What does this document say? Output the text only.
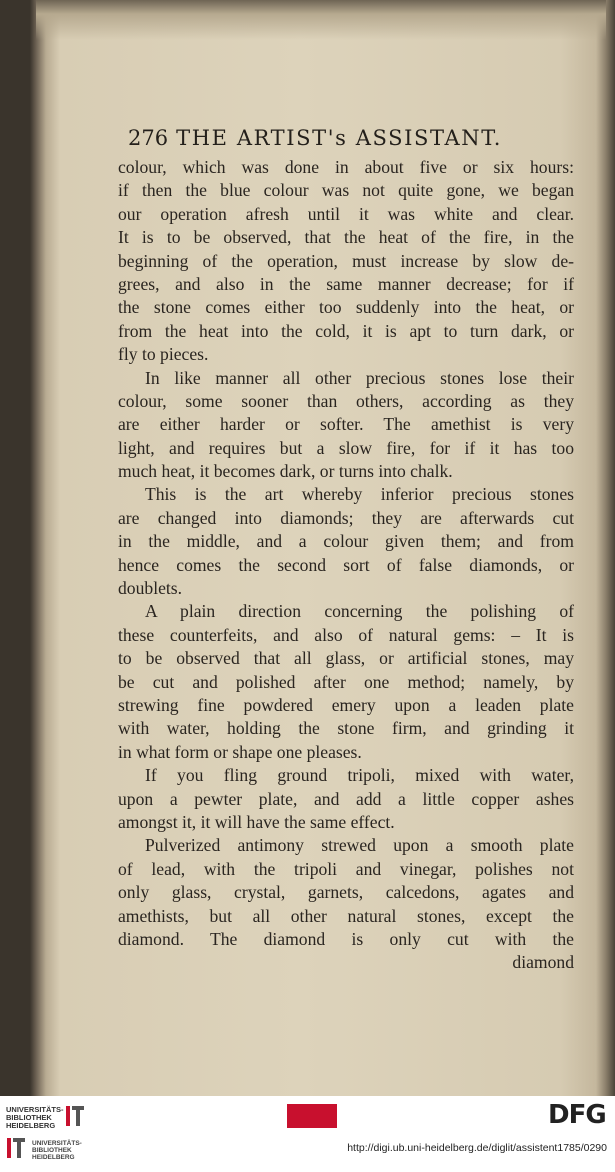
276 THE ARTIST's ASSISTANT.
colour, which was done in about five or six hours:
if then the blue colour was not quite gone, we began
our operation afresh until it was white and clear.
It is to be observed, that the heat of the fire, in the
beginning of the operation, must increase by slow de-
grees, and also in the same manner decrease; for if
the stone comes either too suddenly into the heat, or
from the heat into the cold, it is apt to turn dark, or
fly to pieces.
In like manner all other precious stones lose their
colour, some sooner than others, according as they
are either harder or softer. The amethist is very
light, and requires but a slow fire, for if it has too
much heat, it becomes dark, or turns into chalk.
This is the art whereby inferior precious stones
are changed into diamonds; they are afterwards cut
in the middle, and a colour given them; and from
hence comes the second sort of false diamonds, or
doublets.
A plain direction concerning the polishing of
these counterfeits, and also of natural gems: – It is
to be observed that all glass, or artificial stones, may
be cut and polished after one method; namely, by
strewing fine powdered emery upon a leaden plate
with water, holding the stone firm, and grinding it
in what form or shape one pleases.
If you fling ground tripoli, mixed with water,
upon a pewter plate, and add a little copper ashes
amongst it, it will have the same effect.
Pulverized antimony strewed upon a smooth plate
of lead, with the tripoli and vinegar, polishes not
only glass, crystal, garnets, calcedons, agates and
amethists, but all other natural stones, except the
diamond. The diamond is only cut with the
diamond
UNIVERSITÄTS-
BIBLIOTHEK
HEIDELBERG
UNIVERSITÄTS-
BIBLIOTHEK
HEIDELBERG
DFG
http://digi.ub.uni-heidelberg.de/diglit/assistent1785/0290
